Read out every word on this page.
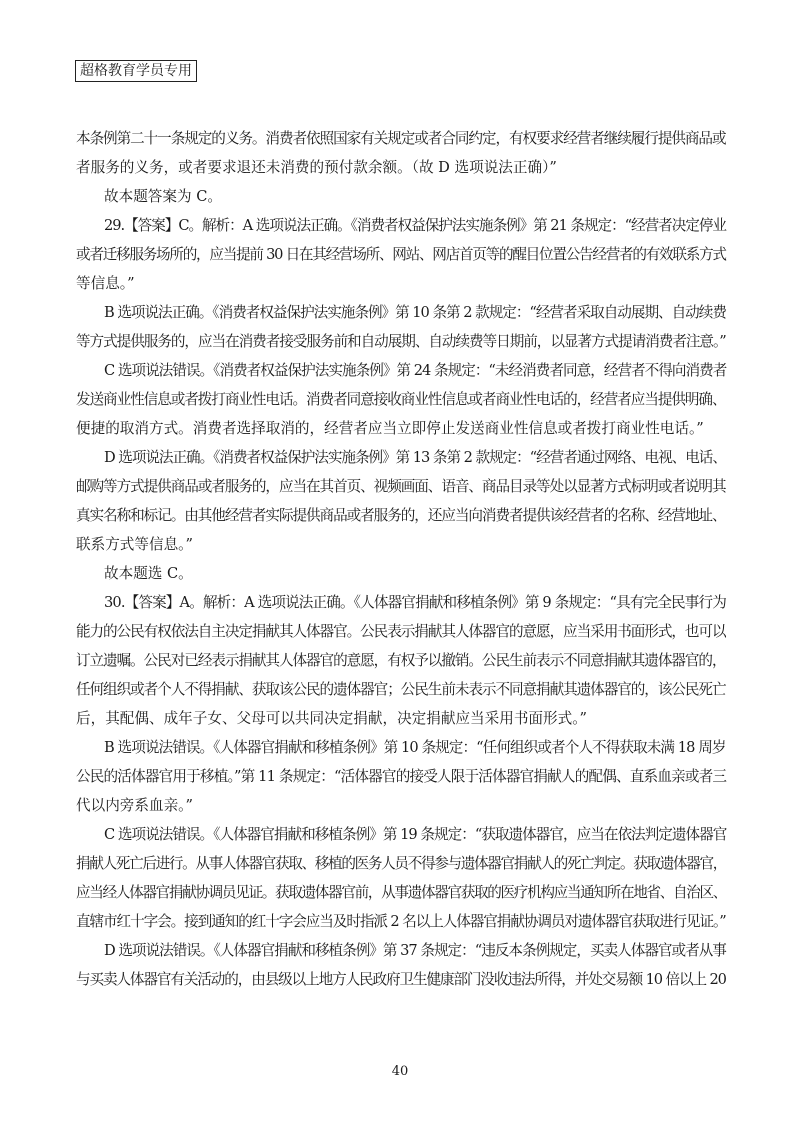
超格教育学员专用

本条例第二十一条规定的义务。消费者依照国家有关规定或者合同约定，有权要求经营者继续履行提供商品或

者服务的义务，或者要求退还未消费的预付款余额。（故 D 选项说法正确）”

故本题答案为 C。

29.【答案】C。解析：A 选项说法正确。《消费者权益保护法实施条例》第 21 条规定：“经营者决定停业

或者迁移服务场所的，应当提前 30 日在其经营场所、网站、网店首页等的醒目位置公告经营者的有效联系方式

等信息。”

B 选项说法正确。《消费者权益保护法实施条例》第 10 条第 2 款规定：“经营者采取自动展期、自动续费

等方式提供服务的，应当在消费者接受服务前和自动展期、自动续费等日期前，以显著方式提请消费者注意。”

C 选项说法错误。《消费者权益保护法实施条例》第 24 条规定：“未经消费者同意，经营者不得向消费者

发送商业性信息或者拨打商业性电话。消费者同意接收商业性信息或者商业性电话的，经营者应当提供明确、

便捷的取消方式。消费者选择取消的，经营者应当立即停止发送商业性信息或者拨打商业性电话。”

D 选项说法正确。《消费者权益保护法实施条例》第 13 条第 2 款规定：“经营者通过网络、电视、电话、

邮购等方式提供商品或者服务的，应当在其首页、视频画面、语音、商品目录等处以显著方式标明或者说明其

真实名称和标记。由其他经营者实际提供商品或者服务的，还应当向消费者提供该经营者的名称、经营地址、

联系方式等信息。”

故本题选 C。

30.【答案】A。解析：A 选项说法正确。《人体器官捐献和移植条例》第 9 条规定：“具有完全民事行为

能力的公民有权依法自主决定捐献其人体器官。公民表示捐献其人体器官的意愿，应当采用书面形式，也可以

订立遗嘱。公民对已经表示捐献其人体器官的意愿，有权予以撤销。公民生前表示不同意捐献其遗体器官的，

任何组织或者个人不得捐献、获取该公民的遗体器官；公民生前未表示不同意捐献其遗体器官的，该公民死亡

后，其配偶、成年子女、父母可以共同决定捐献，决定捐献应当采用书面形式。”

B 选项说法错误。《人体器官捐献和移植条例》第 10 条规定：“任何组织或者个人不得获取未满 18 周岁

公民的活体器官用于移植。”第 11 条规定：“活体器官的接受人限于活体器官捐献人的配偶、直系血亲或者三

代以内旁系血亲。”

C 选项说法错误。《人体器官捐献和移植条例》第 19 条规定：“获取遗体器官，应当在依法判定遗体器官

捐献人死亡后进行。从事人体器官获取、移植的医务人员不得参与遗体器官捐献人的死亡判定。获取遗体器官，

应当经人体器官捐献协调员见证。获取遗体器官前，从事遗体器官获取的医疗机构应当通知所在地省、自治区、

直辖市红十字会。接到通知的红十字会应当及时指派 2 名以上人体器官捐献协调员对遗体器官获取进行见证。”

D 选项说法错误。《人体器官捐献和移植条例》第 37 条规定：“违反本条例规定，买卖人体器官或者从事

与买卖人体器官有关活动的，由县级以上地方人民政府卫生健康部门没收违法所得，并处交易额 10 倍以上 20

40
